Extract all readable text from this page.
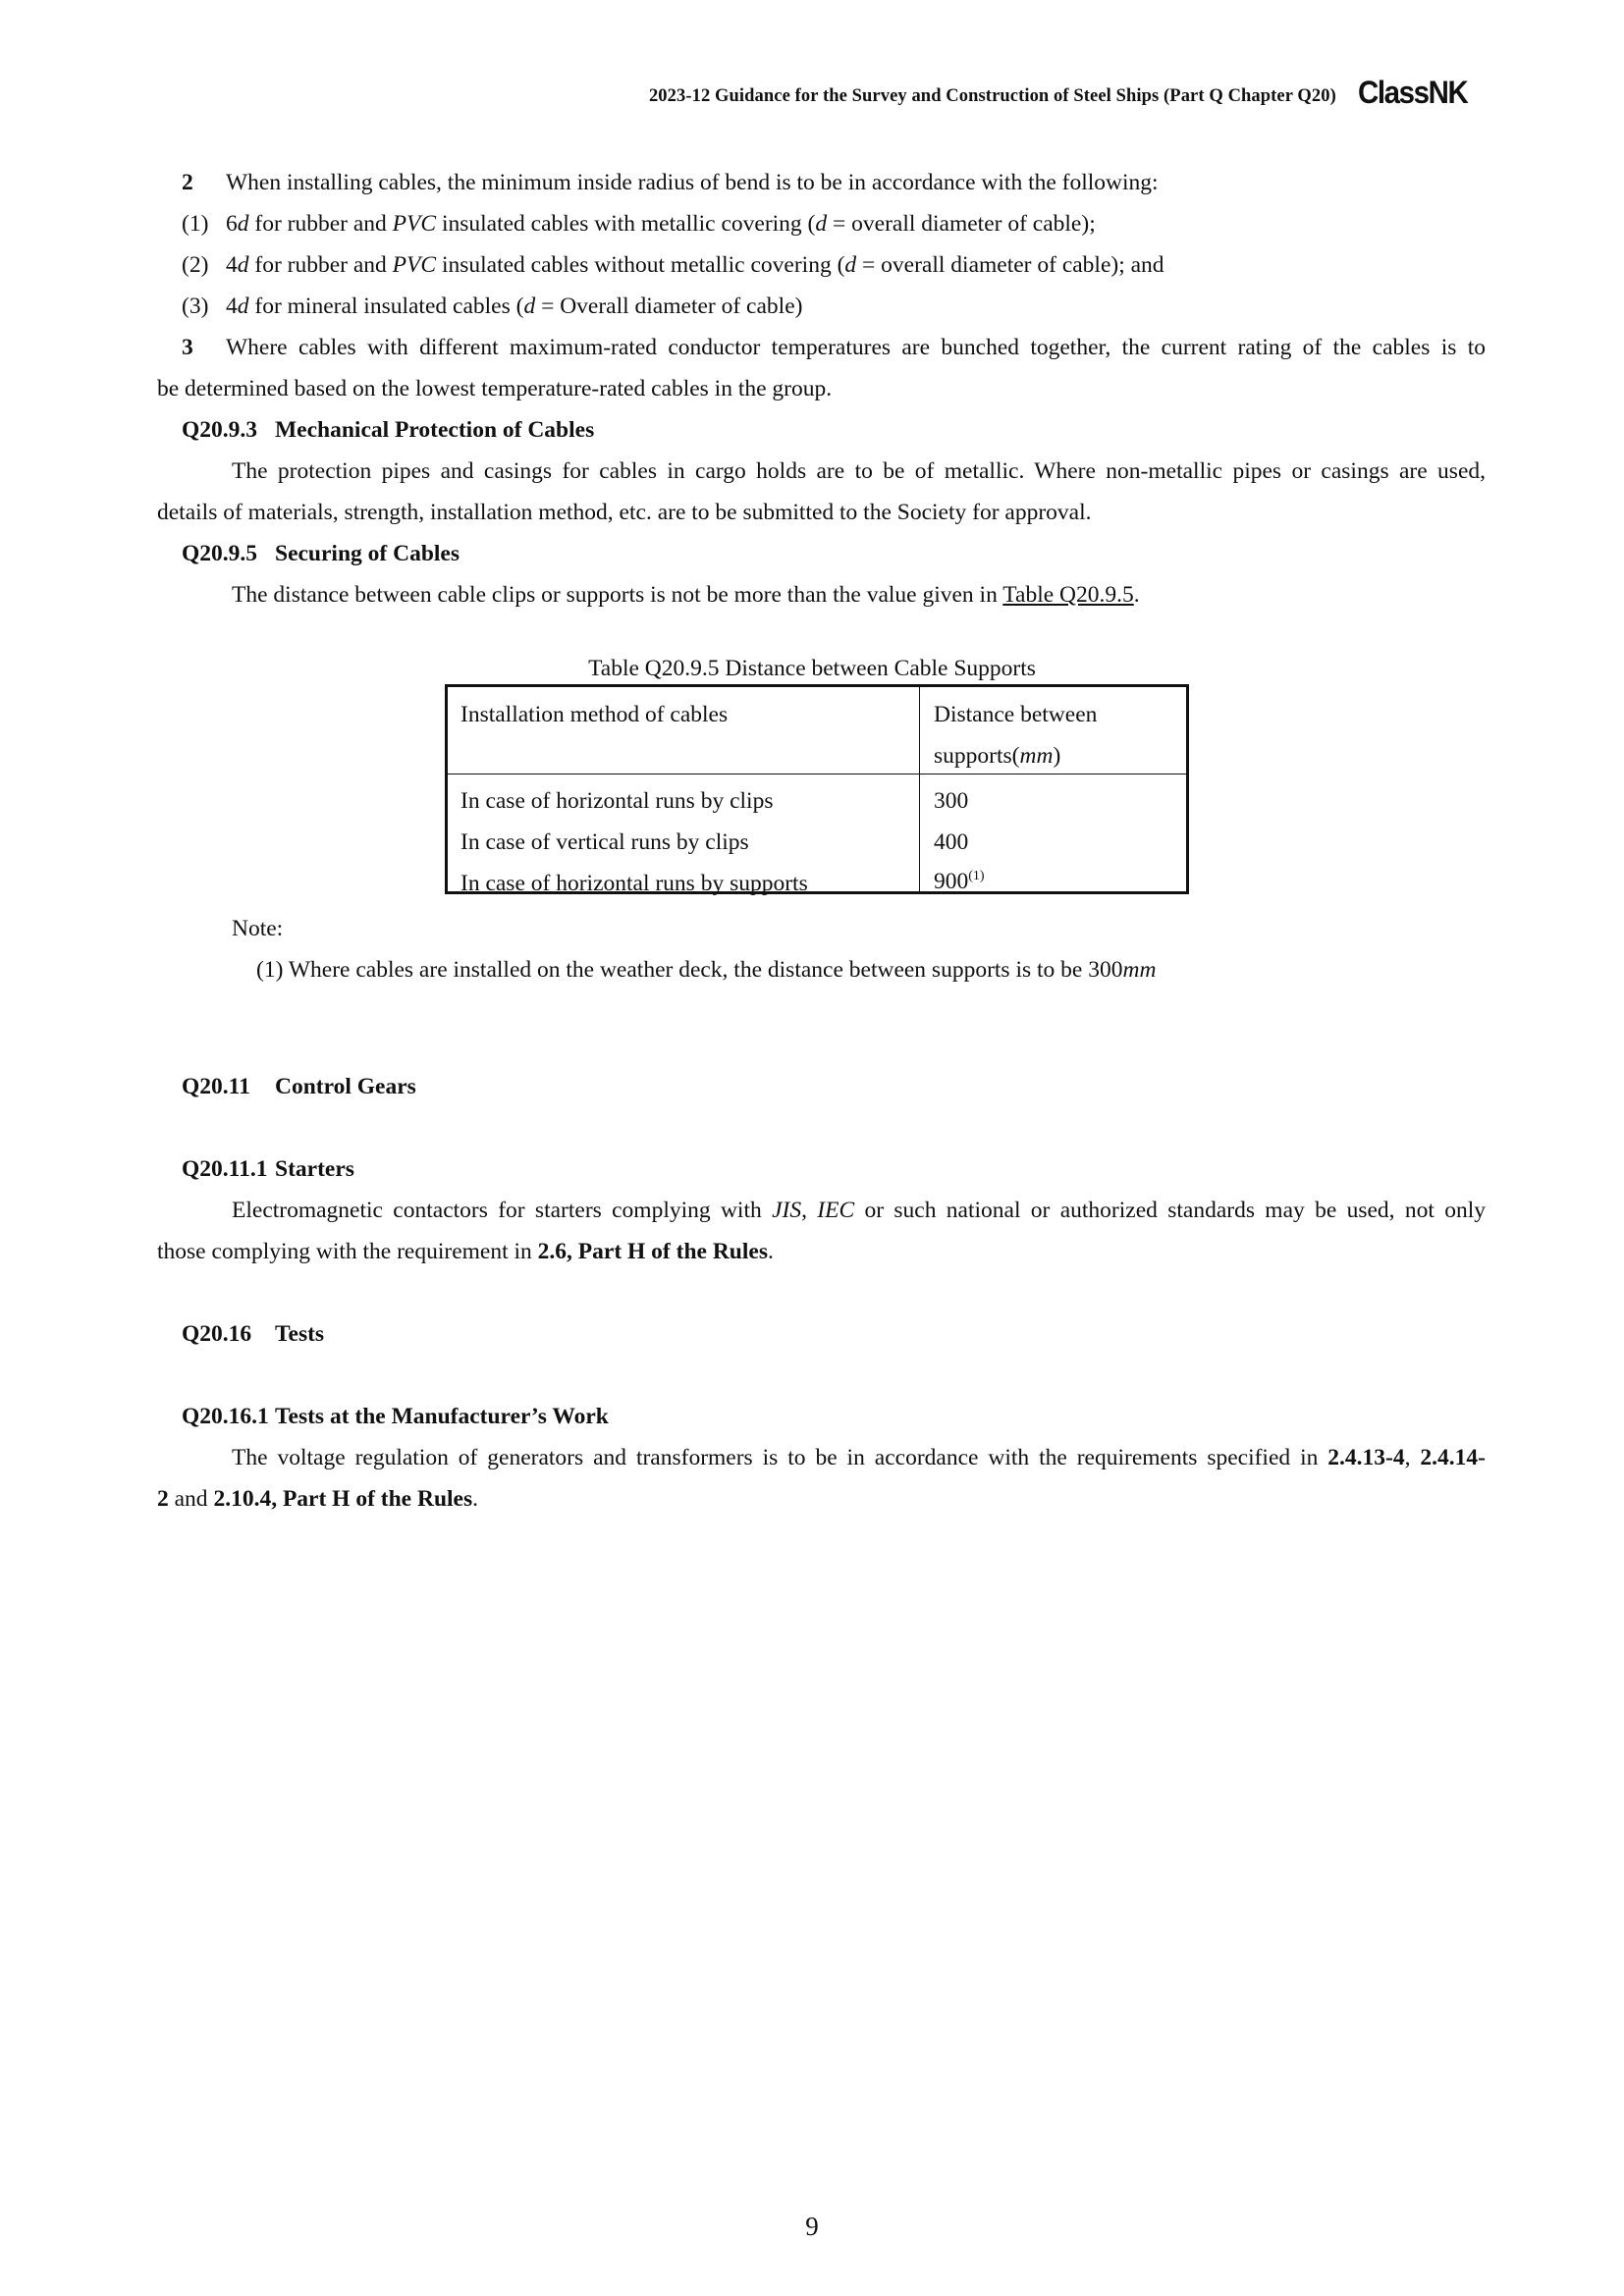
2023-12 Guidance for the Survey and Construction of Steel Ships (Part Q Chapter Q20) ClassNK
2 When installing cables, the minimum inside radius of bend is to be in accordance with the following:
(1) 6d for rubber and PVC insulated cables with metallic covering (d = overall diameter of cable);
(2) 4d for rubber and PVC insulated cables without metallic covering (d = overall diameter of cable); and
(3) 4d for mineral insulated cables (d = Overall diameter of cable)
3 Where cables with different maximum-rated conductor temperatures are bunched together, the current rating of the cables is to
be determined based on the lowest temperature-rated cables in the group.
Q20.9.3 Mechanical Protection of Cables
The protection pipes and casings for cables in cargo holds are to be of metallic. Where non-metallic pipes or casings are used,
details of materials, strength, installation method, etc. are to be submitted to the Society for approval.
Q20.9.5 Securing of Cables
The distance between cable clips or supports is not be more than the value given in Table Q20.9.5.
Table Q20.9.5 Distance between Cable Supports
Installation method of cables	Distance between
supports(mm)
In case of horizontal runs by clips	300
In case of vertical runs by clips	400
In case of horizontal runs by supports	900$^{(1)}$
Note:
(1) Where cables are installed on the weather deck, the distance between supports is to be 300mm
Q20.11 Control Gears
Q20.11.1 Starters
Electromagnetic contactors for starters complying with JIS, IEC or such national or authorized standards may be used, not only
those complying with the requirement in 2.6, Part H of the Rules.
Q20.16 Tests
Q20.16.1 Tests at the Manufacturer’s Work
The voltage regulation of generators and transformers is to be in accordance with the requirements specified in 2.4.13-4, 2.4.14-
2 and 2.10.4, Part H of the Rules.
9
